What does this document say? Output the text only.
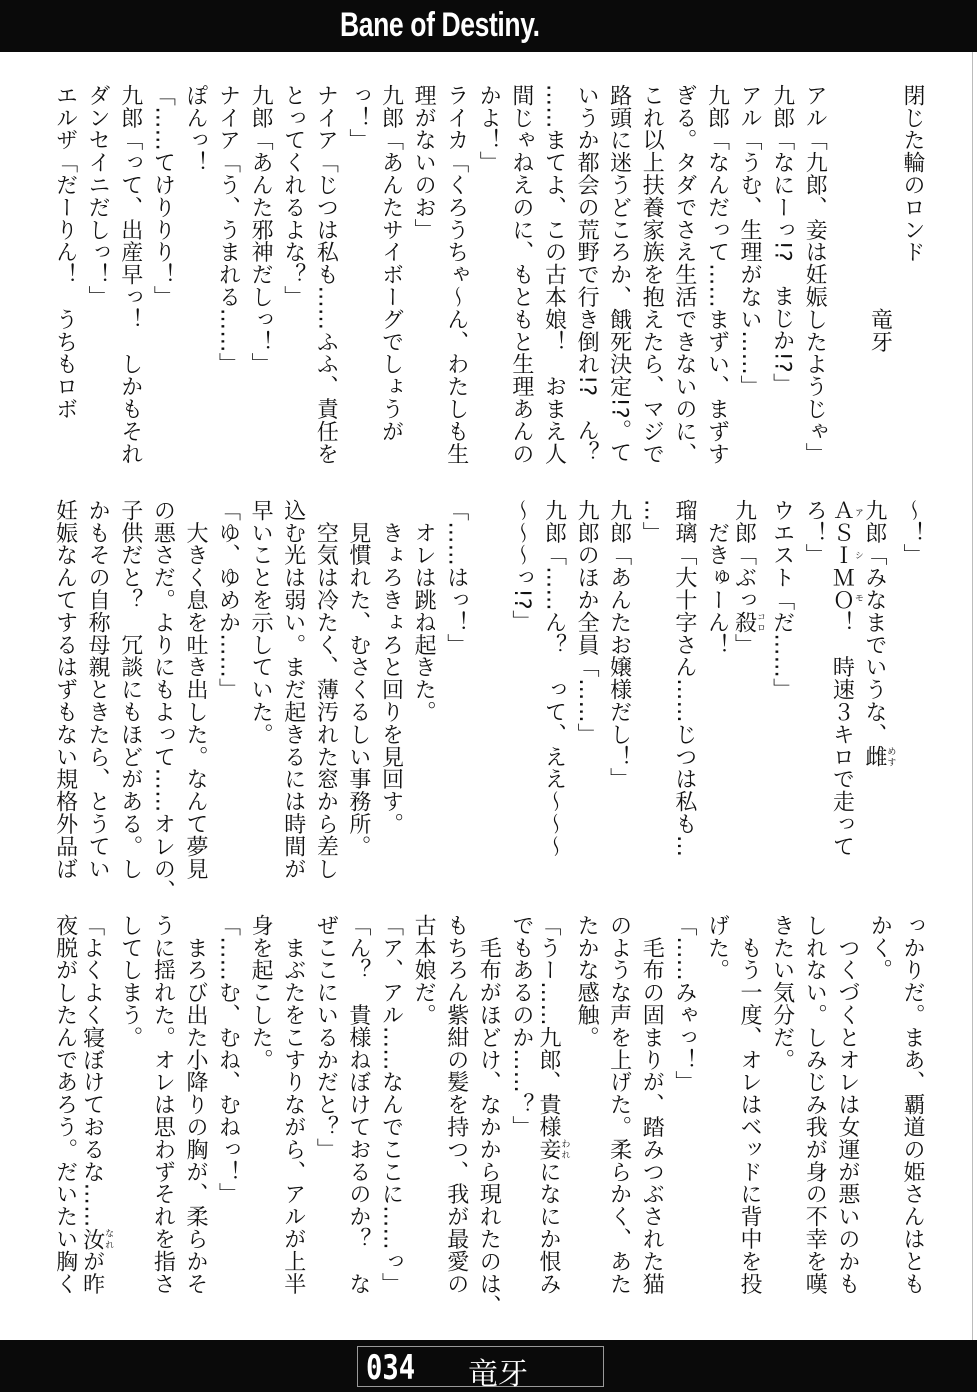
Bane of Destiny.
閉じた輪のロンド
竜牙
アル「九郎、妾は妊娠したようじゃ」
九郎「なにーっ!?　まじか!?」
アル「うむ、生理がない……」
九郎「なんだって……まずい、まずす
ぎる。タダでさえ生活できないのに、
これ以上扶養家族を抱えたら、マジで
路頭に迷うどころか、餓死決定!?。て
いうか都会の荒野で行き倒れ!?　ん？
……まてよ、この古本娘！　おまえ人
間じゃねえのに、もともと生理あんの
かよ！」
ライカ「くろうちゃ～ん、わたしも生
理がないのお」
九郎「あんたサイボーグでしょうが
っ！」
ナイア「じつは私も……ふふ、責任を
とってくれるよな？」
九郎「あんた邪神だしっ！」
ナイア「う、うまれる……」
ぽんっ！
「……てけりりり！」
九郎「って、出産早っ！　しかもそれ
ダンセイニだしっ！」
エルザ「だーりん！　うちもロボ
～！」
九郎「みなまでいうな、雌めす
ＡＳＩＭＯアシモ！　時速３キロで走って
ろ！」
ウエスト「だ……」
九郎「ぶっ殺コロ」
　だきゅーん！
瑠璃「大十字さん……じつは私も…
…」
九郎「あんたお嬢様だし！」
九郎のほか全員「……」
九郎「……ん？　って、ええ～～～
～～～っ!?」
「……はっ！」
　オレは跳ね起きた。
　きょろきょろと回りを見回す。
　見慣れた、むさくるしい事務所。
　空気は冷たく、薄汚れた窓から差し
込む光は弱い。まだ起きるには時間が
早いことを示していた。
「ゆ、ゆめか……」
　大きく息を吐き出した。なんて夢見
の悪さだ。よりにもよって……オレの、
子供だと？　冗談にもほどがある。し
かもその自称母親ときたら、とうてい
妊娠なんてするはずもない規格外品ば
っかりだ。まあ、覇道の姫さんはとも
かく。
　つくづくとオレは女運が悪いのかも
しれない。しみじみ我が身の不幸を嘆
きたい気分だ。
　もう一度、オレはベッドに背中を投
げた。
「……みゃっ！」
　毛布の固まりが、踏みつぶされた猫
のような声を上げた。柔らかく、あた
たかな感触。
「うー……九郎、貴様妾われになにか恨み
でもあるのか……？」
　毛布がほどけ、なかから現れたのは、
もちろん紫紺の髪を持つ、我が最愛の
古本娘だ。
「ア、アル……なんでここに……っ」
「ん？　貴様ねぼけておるのか？　な
ぜここにいるかだと？」
　まぶたをこすりながら、アルが上半
身を起こした。
「……む、むね、むねっ！」
　まろび出た小降りの胸が、柔らかそ
うに揺れた。オレは思わずそれを指さ
してしまう。
「よくよく寝ぼけておるな……汝なれが昨
夜脱がしたんであろう。だいたい胸く
034 竜牙
